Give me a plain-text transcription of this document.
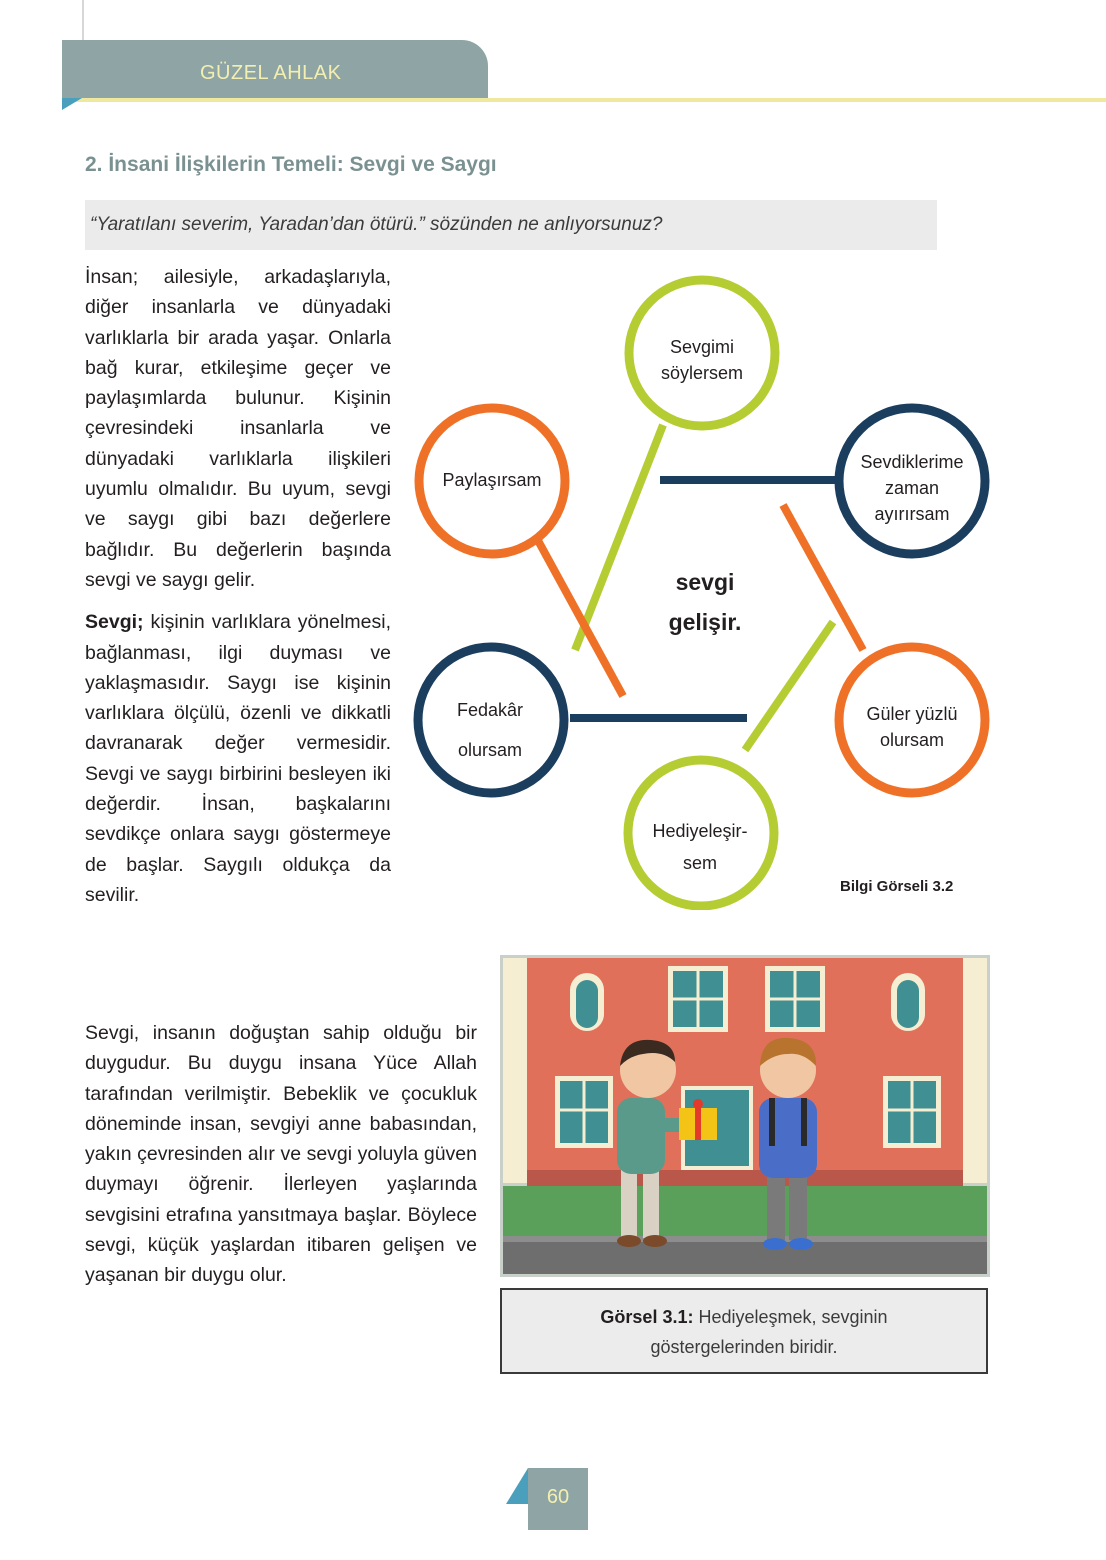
GÜZEL AHLAK
2. İnsani İlişkilerin Temeli: Sevgi ve Saygı
“Yaratılanı severim, Yaradan’dan ötürü.” sözünden ne anlıyorsunuz?

İnsan; ailesiyle, arkadaşlarıyla, diğer insanlarla ve dünyadaki varlıklarla bir arada yaşar. Onlarla bağ kurar, etkileşime geçer ve paylaşımlarda bulunur. Kişinin çevresindeki insanlarla ve dünyadaki varlıklarla ilişkileri uyumlu olmalıdır. Bu uyum, sevgi ve saygı gibi bazı değerlere bağlıdır. Bu değerlerin başında sevgi ve saygı gelir.

Sevgi; kişinin varlıklara yönelmesi, bağlanması, ilgi duyması ve yaklaşmasıdır. Saygı ise kişinin varlıklara ölçülü, özenli ve dikkatli davranarak değer vermesidir. Sevgi ve saygı birbirini besleyen iki değerdir. İnsan, başkalarını sevdikçe onlara saygı göstermeye de başlar. Saygılı oldukça da sevilir.

Sevgimi
söylersem
Paylaşırsam
Sevdiklerime
zaman
ayırırsam
Fedakâr
olursam
Güler yüzlü
olursam
Hediyeleşir-
sem
sevgi
gelişir.
Bilgi Görseli 3.2
Görsel 3.1: Hediyeleşmek, sevginin
göstergelerinden biridir.

Sevgi, insanın doğuştan sahip olduğu bir duygudur. Bu duygu insana Yüce Allah tarafından verilmiştir. Bebeklik ve çocukluk döneminde insan, sevgiyi anne babasından, yakın çevresinden alır ve sevgi yoluyla güven duymayı öğrenir. İlerleyen yaşlarında sevgisini etrafına yansıtmaya başlar. Böylece sevgi, küçük yaşlardan itibaren gelişen ve yaşanan bir duygu olur.

60
